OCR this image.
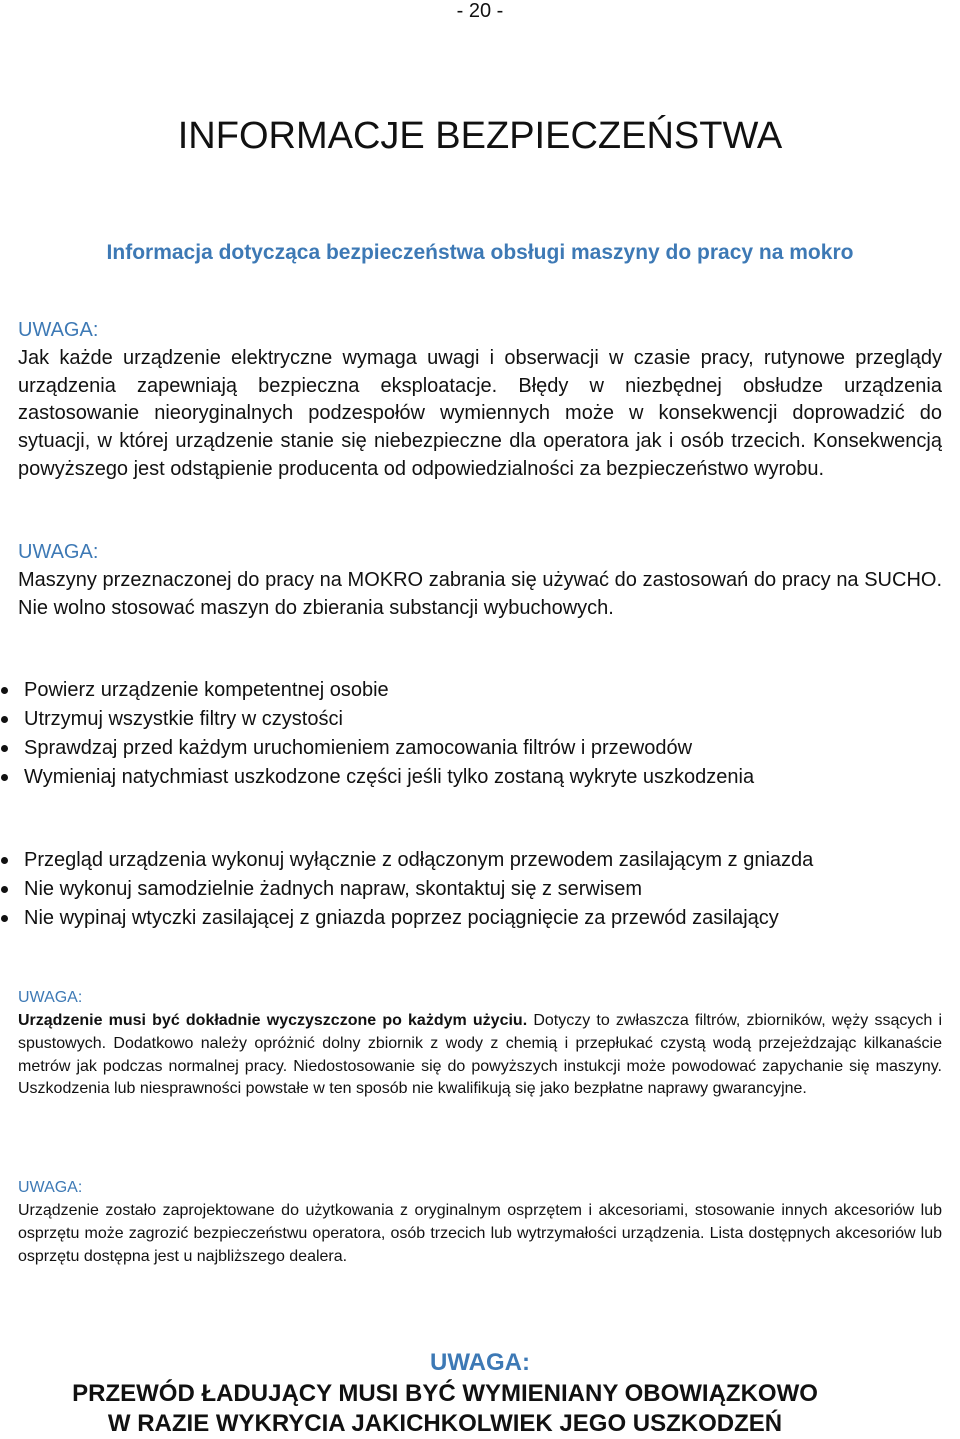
- 20 -
INFORMACJE BEZPIECZEŃSTWA
Informacja dotycząca bezpieczeństwa obsługi maszyny do pracy na mokro
UWAGA:

Jak każde urządzenie elektryczne wymaga uwagi i obserwacji w czasie pracy, rutynowe przeglądy urządzenia zapewniają bezpieczna eksploatacje. Błędy w niezbędnej obsłudze urządzenia zastosowanie nieoryginalnych podzespołów wymiennych może w konsekwencji doprowadzić do sytuacji, w której urządzenie stanie się niebezpieczne dla operatora jak i osób trzecich. Konsekwencją powyższego jest odstąpienie producenta od odpowiedzialności za bezpieczeństwo wyrobu.

UWAGA:

Maszyny przeznaczonej do pracy na MOKRO zabrania się używać do zastosowań do pracy na SUCHO. Nie wolno stosować maszyn do zbierania substancji wybuchowych.

Powierz urządzenie kompetentnej osobie
Utrzymuj wszystkie filtry w czystości
Sprawdzaj przed każdym uruchomieniem zamocowania filtrów i przewodów
Wymieniaj natychmiast uszkodzone części jeśli tylko zostaną wykryte uszkodzenia
Przegląd urządzenia wykonuj wyłącznie z odłączonym przewodem zasilającym z gniazda
Nie wykonuj samodzielnie żadnych napraw, skontaktuj się z serwisem
Nie wypinaj wtyczki zasilającej z gniazda poprzez pociągnięcie za przewód zasilający
UWAGA:

Urządzenie musi być dokładnie wyczyszczone po każdym użyciu. Dotyczy to zwłaszcza filtrów, zbiorników, węży ssących i spustowych. Dodatkowo należy opróżnić dolny zbiornik z wody z chemią i przepłukać czystą wodą przejeżdzając kilkanaście metrów jak podczas normalnej pracy. Niedostosowanie się do powyższych instukcji może powodować zapychanie się maszyny. Uszkodzenia lub niesprawności powstałe w ten sposób nie kwalifikują się jako bezpłatne naprawy gwarancyjne.

UWAGA:

Urządzenie zostało zaprojektowane do użytkowania z oryginalnym osprzętem i akcesoriami, stosowanie innych akcesoriów lub osprzętu może zagrozić bezpieczeństwu operatora, osób trzecich lub wytrzymałości urządzenia. Lista dostępnych akcesoriów lub osprzętu dostępna jest u najbliższego dealera.

UWAGA:
PRZEWÓD ŁADUJĄCY MUSI BYĆ WYMIENIANY OBOWIĄZKOWO
W RAZIE WYKRYCIA JAKICHKOLWIEK JEGO USZKODZEŃ
